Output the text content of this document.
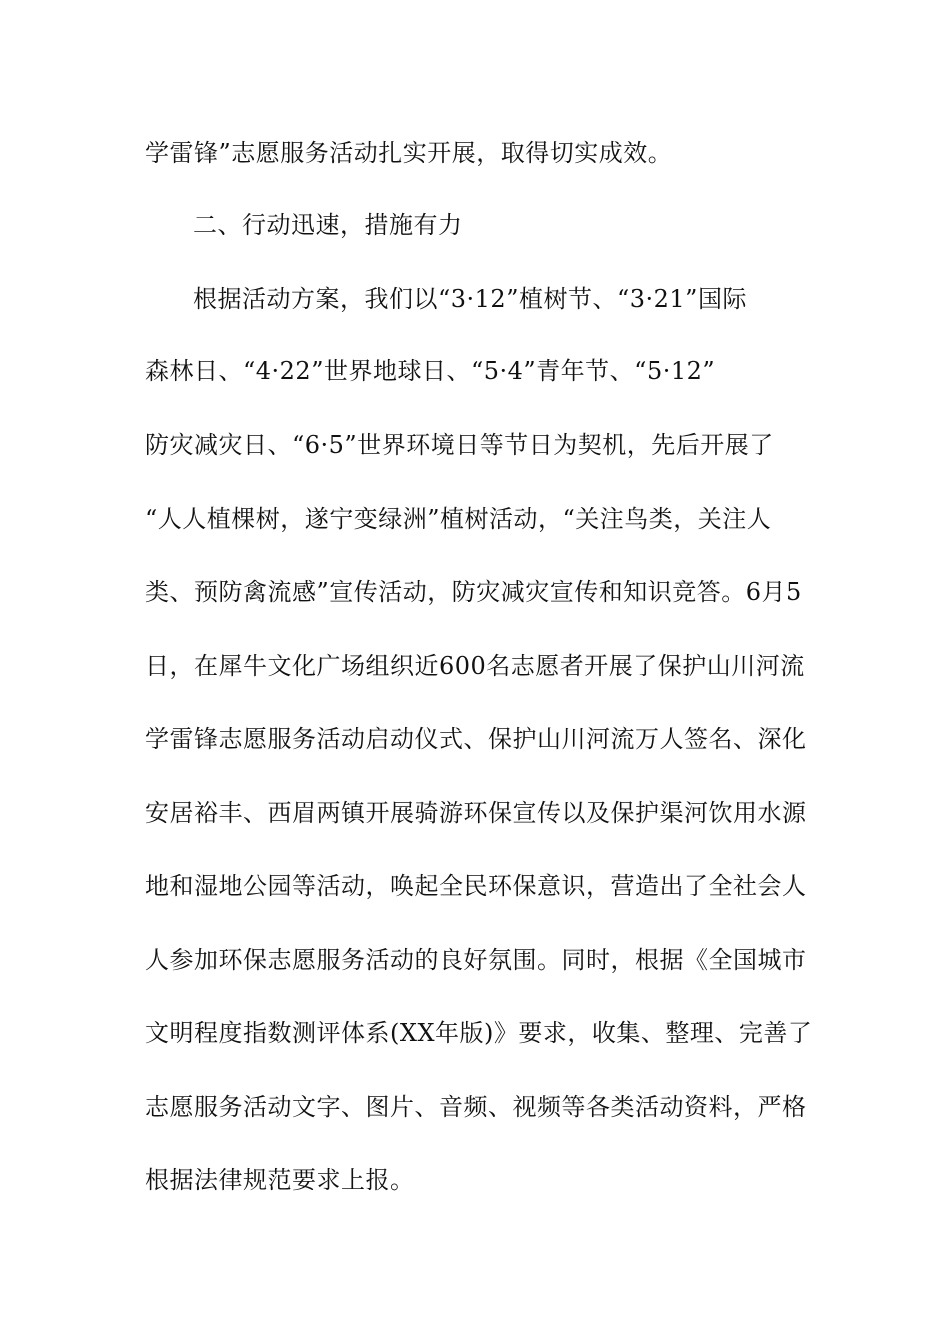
学雷锋”志愿服务活动扎实开展，取得切实成效。
二、行动迅速，措施有力
根据活动方案，我们以“3·12”植树节、“3·21”国际
森林日、“4·22”世界地球日、“5·4”青年节、“5·12”
防灾减灾日、“6·5”世界环境日等节日为契机，先后开展了
“人人植棵树，遂宁变绿洲”植树活动，“关注鸟类，关注人
类、预防禽流感”宣传活动，防灾减灾宣传和知识竞答。6月5
日，在犀牛文化广场组织近600名志愿者开展了保护山川河流
学雷锋志愿服务活动启动仪式、保护山川河流万人签名、深化
安居裕丰、西眉两镇开展骑游环保宣传以及保护渠河饮用水源
地和湿地公园等活动，唤起全民环保意识，营造出了全社会人
人参加环保志愿服务活动的良好氛围。同时，根据《全国城市
文明程度指数测评体系(XX年版)》要求，收集、整理、完善了
志愿服务活动文字、图片、音频、视频等各类活动资料，严格
根据法律规范要求上报。
